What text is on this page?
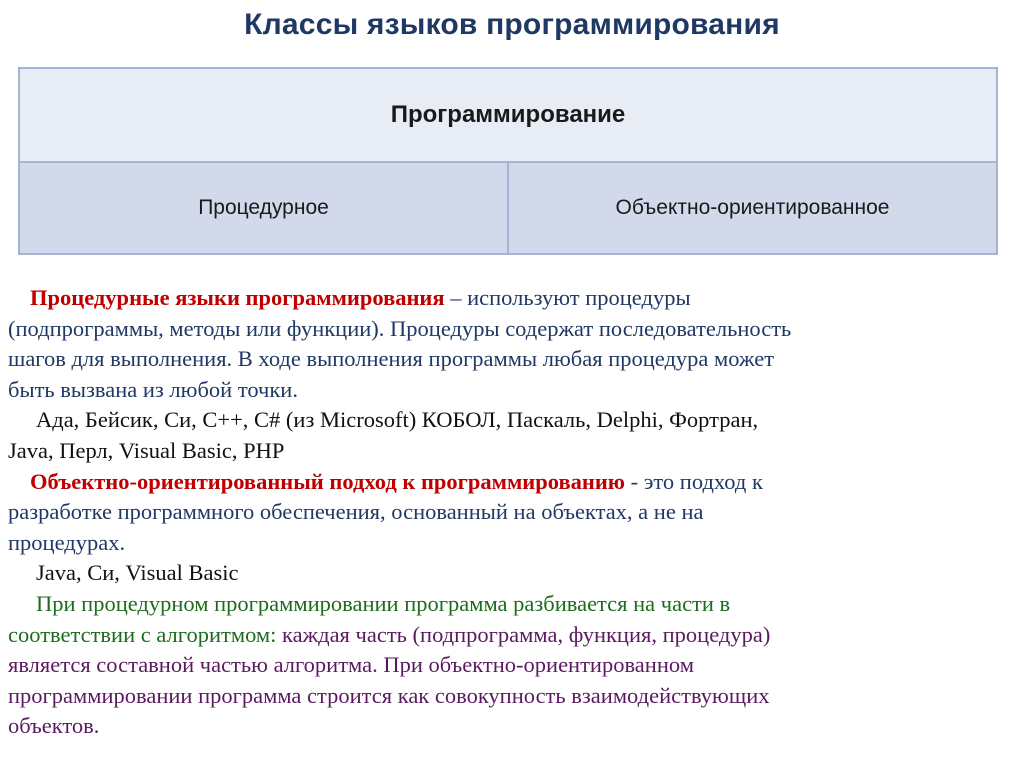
Классы языков программирования
Программирование
Процедурное	Объектно-ориентированное
Процедурные языки программирования – используют процедуры
(подпрограммы, методы или функции). Процедуры содержат последовательность
шагов для выполнения. В ходе выполнения программы любая процедура может
быть вызвана из любой точки.
Ада, Бейсик, Си, C++, C# (из Microsoft) КОБОЛ, Паскаль, Delphi, Фортран,
Java, Перл, Visual Basic, PHP
Объектно-ориентированный подход к программированию - это подход к
разработке программного обеспечения, основанный на объектах, а не на
процедурах.
Java, Си, Visual Basic
При процедурном программировании программа разбивается на части в
соответствии с алгоритмом: каждая часть (подпрограмма, функция, процедура)
является составной частью алгоритма. При объектно-ориентированном
программировании программа строится как совокупность взаимодействующих
объектов.
